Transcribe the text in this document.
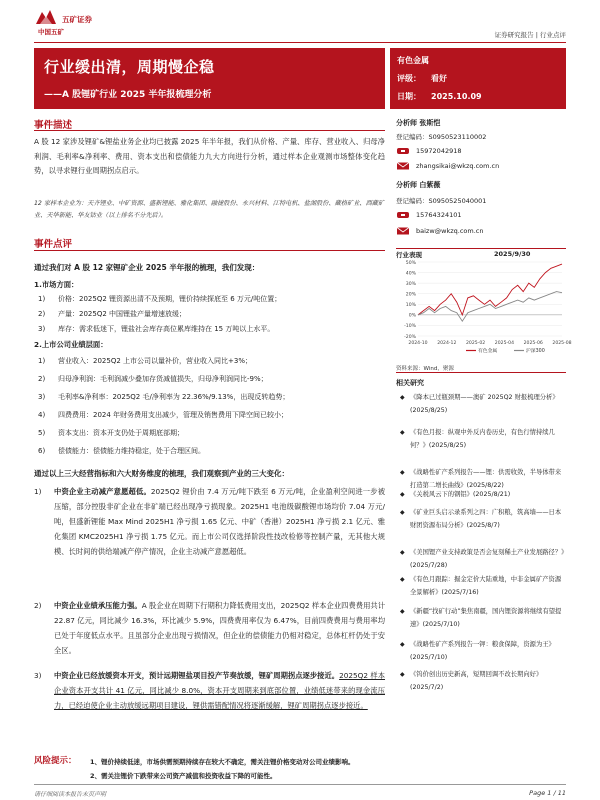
五矿证券
中国五矿	证券研究报告 | 行业点评
行业缓出清，周期慢企稳
——A 股锂矿行业 2025 半年报梳理分析
有色金属
评级： 看好
日期： 2025.10.09
事件描述
A 股 12 家涉及锂矿&锂盐业务企业均已披露 2025 年半年报，我们从价格、产量、库存、营业收入、归母净利润、毛利率&净利率、费用、资本支出和偿债能力九大方向进行分析，通过样本企业观测市场整体变化趋势，以寻求锂行业周期拐点启示。
12 家样本企业为：天齐锂业、中矿资源、盛新锂能、雅化集团、融捷股份、永兴材料、江特电机、盐湖股份、藏格矿业、西藏矿业、天华新能、华友钴业（以上排名不分先后）。
事件点评
通过我们对 A 股 12 家锂矿企业 2025 半年报的梳理，我们发现：
1.市场方面：
1) 价格：2025Q2 锂资源出清不及预期，锂价持续探底至 6 万元/吨位置；
2) 产量：2025Q2 中国锂盐产量增速放缓；
3) 库存：需求低迷下，锂盐社会库存高位累库维持在 15 万吨以上水平。
2.上市公司业绩层面：
1) 营业收入：2025Q2 上市公司以量补价，营业收入同比+3%；
2) 归母净利润：毛利润减少叠加存货减值损失，归母净利润同比-9%；
3) 毛利率&净利率：2025Q2 毛/净利率为 22.36%/9.13%，出现反转趋势；
4) 四费费用：2024 年财务费用支出减少，管理及销售费用下降空间已较小；
5) 资本支出：资本开支仍处于周期底部期；
6) 偿债能力：偿债能力维持稳定，处于合理区间。
通过以上三大经营指标和六大财务维度的梳理，我们观察到产业的三大变化：
1) 中资企业主动减产意愿超低。2025Q2 锂价由 7.4 万元/吨下跌至 6 万元/吨，企业盈利空间进一步被压缩，部分控股非矿企业在非矿端已经出现净亏损现象。2025H1 电池级碳酸锂市场均价 7.04 万元/吨，但盛新锂能 Max Mind 2025H1 净亏损 1.65 亿元、中矿（香港）2025H1 净亏损 2.1 亿元、雅化集团 KMC2025H1 净亏损 1.75 亿元。而上市公司仅选择阶段性技改检修等控制产量，无其他大规模、长时间的供给端减产停产情况，企业主动减产意愿超低。
2) 中资企业业绩承压能力强。A 股企业在周期下行期积力降低费用支出，2025Q2 样本企业四费费用共计 22.87 亿元，同比减少 16.3%，环比减少 5.9%，四费费用率仅为 6.47%，目前四费费用与费用率均已处于年度低点水平。且虽部分企业出现亏损情况，但企业的偿债能力仍相对稳定，总体杠杆仍处于安全区。
3) 中资企业已经放缓资本开支，预计远期锂盐项目投产节奏放缓，锂矿周期拐点逐步接近。2025Q2 样本企业资本开支共计 41 亿元，同比减少 8.0%，资本开支周期来到底部位置，业绩低迷带来的现金流压力，已经迫使企业主动放缓远期项目建设，锂供需错配情况将逐渐缓解，锂矿周期拐点逐步接近。
风险提示： 1、锂价持续低迷，市场供需预期持续存在较大不确定，需关注锂价格变动对公司业绩影响。
2、需关注锂价下跌带来公司资产减值和投资收益下降的可能性。
分析师 张斯恺
登记编码：S0950523110002
15972042918
zhangsikai@wkzq.com.cn
分析师 白紫薇
登记编码：S0950525040001
15764324101
baizw@wkzq.com.cn
行业表现	2025/9/30
50%
40%
30%
20%
10%
0%
-10%
-20%
2024-10 2024-12 2025-02 2025-04 2025-06 2025-08
有色金属	沪深300
资料来源：Wind，聚源
相关研究
◆ 《降本已过瓶颈期——澳矿 2025Q2 财报梳理分析》(2025/8/25)
◆ 《有色月报：纵观中外反内卷历史，有色行情持续几何？》(2025/8/25)
◆ 《战略性矿产系列报告——锂：供需收敛，半导体带来打造第二增长曲线》(2025/8/22)
◆ 《关税风云下的钢铝》(2025/8/21)
◆ 《矿业巨头启示录系列之四：广积粮，筑高墙——日本财团资源布局分析》(2025/8/7)
◆ 《美国锂产业支持政策是否会复刻稀土产业发展路径？》(2025/7/28)
◆ 《有色月跟踪：掘金定价大陆重地，中非金属矿产资源全景解析》(2025/7/16)
◆ 《新疆“找矿行动”集焦南疆，国内锂资源将继续有望提速》(2025/7/10)
◆ 《战略性矿产系列报告一钾：粮食保障，资源为王》(2025/7/10)
◆ 《钨价创出历史新高，短期回调不改长期向好》(2025/7/2)
请仔细阅读本报告末页声明	Page 1 / 11
